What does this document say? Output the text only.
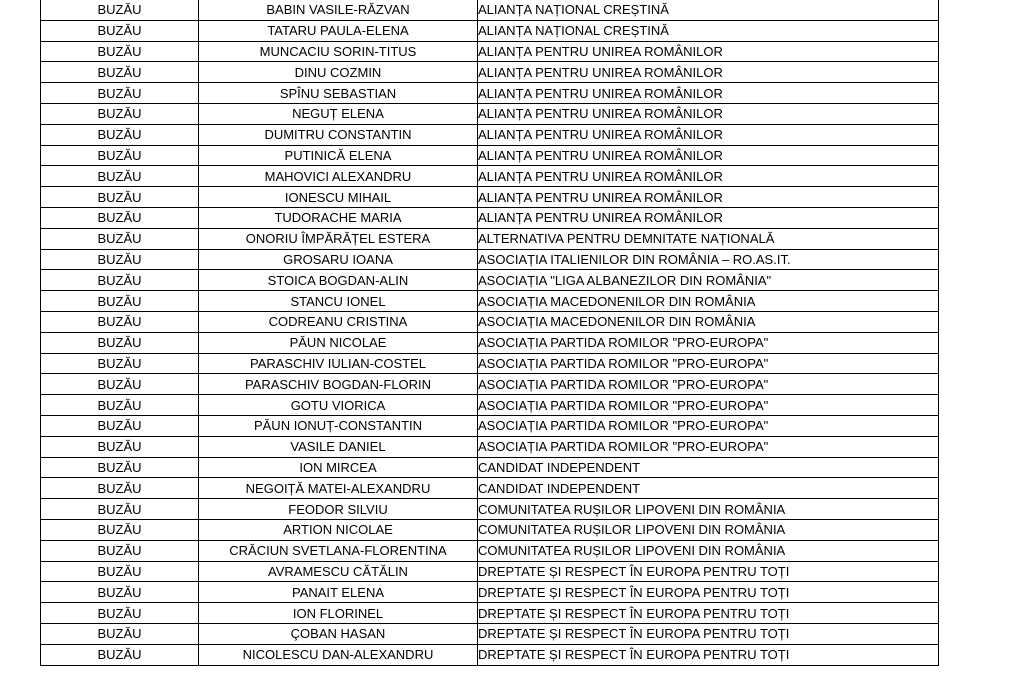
BUZĂU	BABIN VASILE-RĂZVAN	ALIANȚA NAȚIONAL CREȘTINĂ
BUZĂU	TATARU PAULA-ELENA	ALIANȚA NAȚIONAL CREȘTINĂ
BUZĂU	MUNCACIU SORIN-TITUS	ALIANȚA PENTRU UNIREA ROMÂNILOR
BUZĂU	DINU COZMIN	ALIANȚA PENTRU UNIREA ROMÂNILOR
BUZĂU	SPÎNU SEBASTIAN	ALIANȚA PENTRU UNIREA ROMÂNILOR
BUZĂU	NEGUȚ ELENA	ALIANȚA PENTRU UNIREA ROMÂNILOR
BUZĂU	DUMITRU CONSTANTIN	ALIANȚA PENTRU UNIREA ROMÂNILOR
BUZĂU	PUTINICĂ ELENA	ALIANȚA PENTRU UNIREA ROMÂNILOR
BUZĂU	MAHOVICI ALEXANDRU	ALIANȚA PENTRU UNIREA ROMÂNILOR
BUZĂU	IONESCU MIHAIL	ALIANȚA PENTRU UNIREA ROMÂNILOR
BUZĂU	TUDORACHE MARIA	ALIANȚA PENTRU UNIREA ROMÂNILOR
BUZĂU	ONORIU ÎMPĂRĂȚEL ESTERA	ALTERNATIVA PENTRU DEMNITATE NAȚIONALĂ
BUZĂU	GROSARU IOANA	ASOCIAȚIA ITALIENILOR DIN ROMÂNIA – RO.AS.IT.
BUZĂU	STOICA BOGDAN-ALIN	ASOCIAȚIA "LIGA ALBANEZILOR DIN ROMÂNIA"
BUZĂU	STANCU IONEL	ASOCIAȚIA MACEDONENILOR DIN ROMÂNIA
BUZĂU	CODREANU CRISTINA	ASOCIAȚIA MACEDONENILOR DIN ROMÂNIA
BUZĂU	PĂUN NICOLAE	ASOCIAȚIA PARTIDA ROMILOR "PRO-EUROPA"
BUZĂU	PARASCHIV IULIAN-COSTEL	ASOCIAȚIA PARTIDA ROMILOR "PRO-EUROPA"
BUZĂU	PARASCHIV BOGDAN-FLORIN	ASOCIAȚIA PARTIDA ROMILOR "PRO-EUROPA"
BUZĂU	GOTU VIORICA	ASOCIAȚIA PARTIDA ROMILOR "PRO-EUROPA"
BUZĂU	PĂUN IONUȚ-CONSTANTIN	ASOCIAȚIA PARTIDA ROMILOR "PRO-EUROPA"
BUZĂU	VASILE DANIEL	ASOCIAȚIA PARTIDA ROMILOR "PRO-EUROPA"
BUZĂU	ION MIRCEA	CANDIDAT INDEPENDENT
BUZĂU	NEGOIȚĂ MATEI-ALEXANDRU	CANDIDAT INDEPENDENT
BUZĂU	FEODOR SILVIU	COMUNITATEA RUȘILOR LIPOVENI DIN ROMÂNIA
BUZĂU	ARTION NICOLAE	COMUNITATEA RUȘILOR LIPOVENI DIN ROMÂNIA
BUZĂU	CRĂCIUN SVETLANA-FLORENTINA	COMUNITATEA RUȘILOR LIPOVENI DIN ROMÂNIA
BUZĂU	AVRAMESCU CĂTĂLIN	DREPTATE ȘI RESPECT ÎN EUROPA PENTRU TOȚI
BUZĂU	PANAIT ELENA	DREPTATE ȘI RESPECT ÎN EUROPA PENTRU TOȚI
BUZĂU	ION FLORINEL	DREPTATE ȘI RESPECT ÎN EUROPA PENTRU TOȚI
BUZĂU	ÇOBAN HASAN	DREPTATE ȘI RESPECT ÎN EUROPA PENTRU TOȚI
BUZĂU	NICOLESCU DAN-ALEXANDRU	DREPTATE ȘI RESPECT ÎN EUROPA PENTRU TOȚI
